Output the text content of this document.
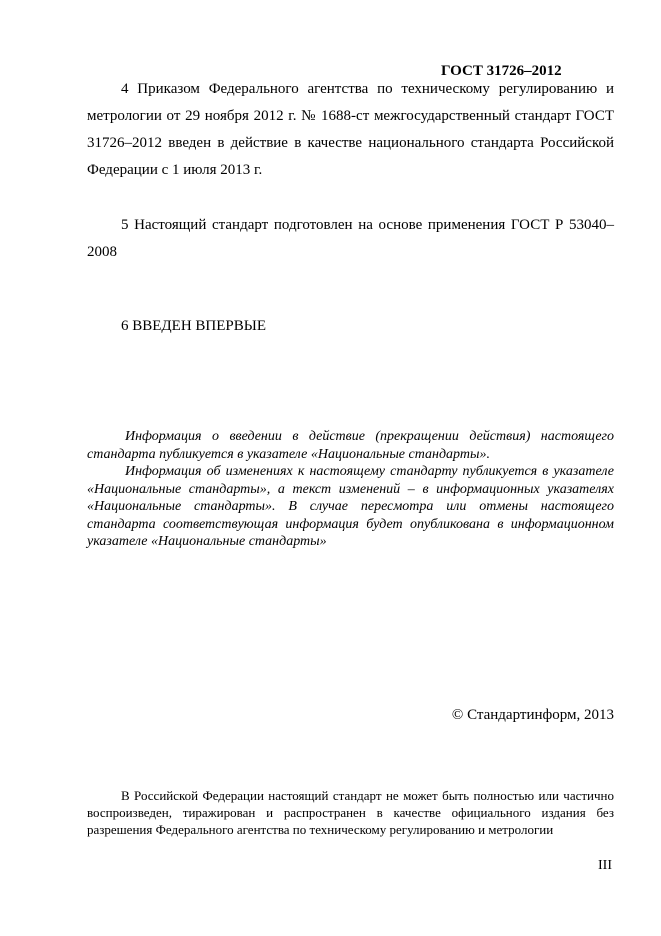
ГОСТ 31726–2012

4 Приказом Федерального агентства по техническому регулированию и метрологии от 29 ноября 2012 г. № 1688-ст межгосударственный стандарт ГОСТ 31726–2012 введен в действие в качестве национального стандарта Российской Федерации с 1 июля 2013 г.

5 Настоящий стандарт подготовлен на основе применения ГОСТ Р 53040–2008

6 ВВЕДЕН ВПЕРВЫЕ

Информация о введении в действие (прекращении действия) настоящего стандарта публикуется в указателе «Национальные стандарты».

Информация об изменениях к настоящему стандарту публикуется в указателе «Национальные стандарты», а текст изменений – в информационных указателях «Национальные стандарты». В случае пересмотра или отмены настоящего стандарта соответствующая информация будет опубликована в информационном указателе «Национальные стандарты»

© Стандартинформ, 2013

В Российской Федерации настоящий стандарт не может быть полностью или частично воспроизведен, тиражирован и распространен в качестве официального издания без разрешения Федерального агентства по техническому регулированию и метрологии

III
